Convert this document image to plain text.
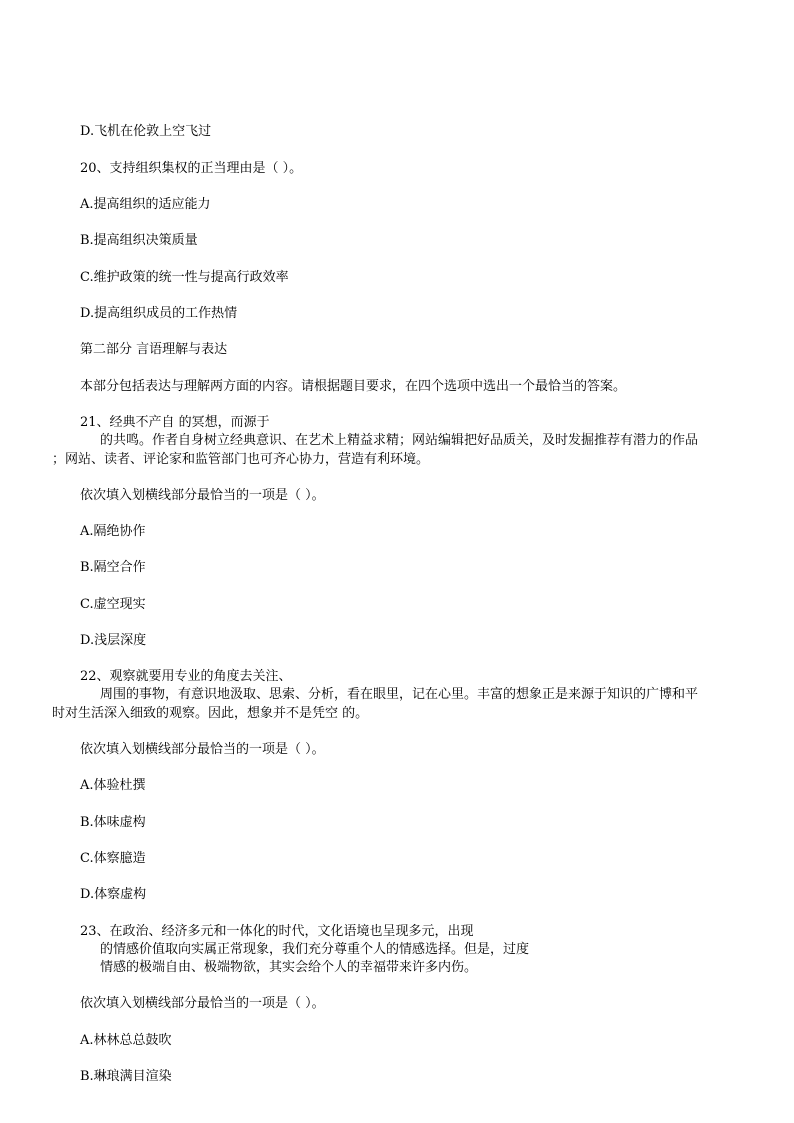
D.飞机在伦敦上空飞过
20、支持组织集权的正当理由是（ ）。
A.提高组织的适应能力
B.提高组织决策质量
C.维护政策的统一性与提高行政效率
D.提高组织成员的工作热情
第二部分 言语理解与表达
本部分包括表达与理解两方面的内容。请根据题目要求，在四个选项中选出一个最恰当的答案。
21、经典不产自 的冥想，而源于
的共鸣。作者自身树立经典意识、在艺术上精益求精；网站编辑把好品质关，及时发掘推荐有潜力的作品
；网站、读者、评论家和监管部门也可齐心协力，营造有利环境。
依次填入划横线部分最恰当的一项是（ ）。
A.隔绝协作
B.隔空合作
C.虚空现实
D.浅层深度
22、观察就要用专业的角度去关注、
周围的事物，有意识地汲取、思索、分析，看在眼里，记在心里。丰富的想象正是来源于知识的广博和平
时对生活深入细致的观察。因此，想象并不是凭空 的。
依次填入划横线部分最恰当的一项是（ ）。
A.体验杜撰
B.体味虚构
C.体察臆造
D.体察虚构
23、在政治、经济多元和一体化的时代，文化语境也呈现多元，出现
的情感价值取向实属正常现象，我们充分尊重个人的情感选择。但是，过度
情感的极端自由、极端物欲，其实会给个人的幸福带来许多内伤。
依次填入划横线部分最恰当的一项是（ ）。
A.林林总总鼓吹
B.琳琅满目渲染
